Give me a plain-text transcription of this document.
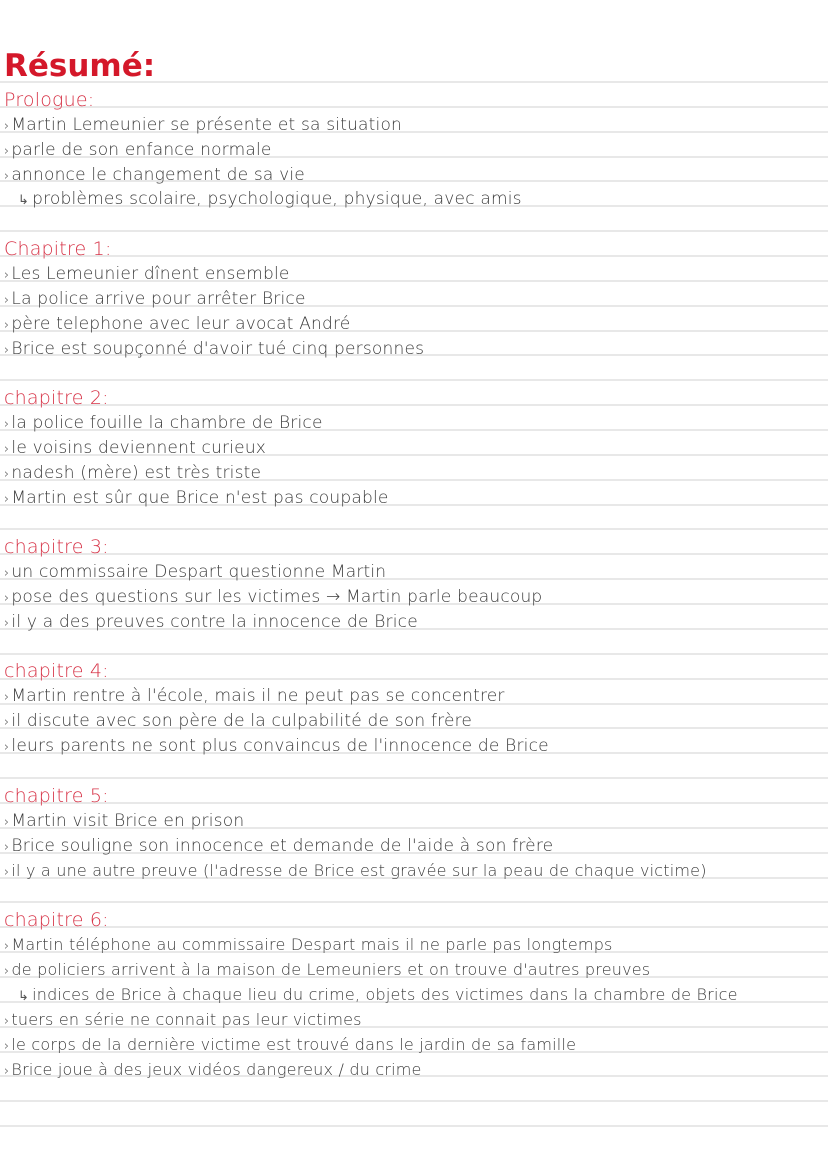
Résumé:
Prologue:
› Martin Lemeunier se présente et sa situation
› parle de son enfance normale
› annonce le changement de sa vie
↳ problèmes scolaire, psychologique, physique, avec amis
Chapitre 1:
› Les Lemeunier dînent ensemble
› La police arrive pour arrêter Brice
› père telephone avec leur avocat André
› Brice est soupçonné d'avoir tué cinq personnes
chapitre 2:
› la police fouille la chambre de Brice
› le voisins deviennent curieux
› nadesh (mère) est très triste
› Martin est sûr que Brice n'est pas coupable
chapitre 3:
› un commissaire Despart questionne Martin
› pose des questions sur les victimes → Martin parle beaucoup
› il y a des preuves contre la innocence de Brice
chapitre 4:
› Martin rentre à l'école, mais il ne peut pas se concentrer
› il discute avec son père de la culpabilité de son frère
› leurs parents ne sont plus convaincus de l'innocence de Brice
chapitre 5:
› Martin visit Brice en prison
› Brice souligne son innocence et demande de l'aide à son frère
› il y a une autre preuve (l'adresse de Brice est gravée sur la peau de chaque victime)
chapitre 6:
› Martin téléphone au commissaire Despart mais il ne parle pas longtemps
› de policiers arrivent à la maison de Lemeuniers et on trouve d'autres preuves
↳ indices de Brice à chaque lieu du crime, objets des victimes dans la chambre de Brice
› tuers en série ne connait pas leur victimes
› le corps de la dernière victime est trouvé dans le jardin de sa famille
› Brice joue à des jeux vidéos dangereux / du crime
